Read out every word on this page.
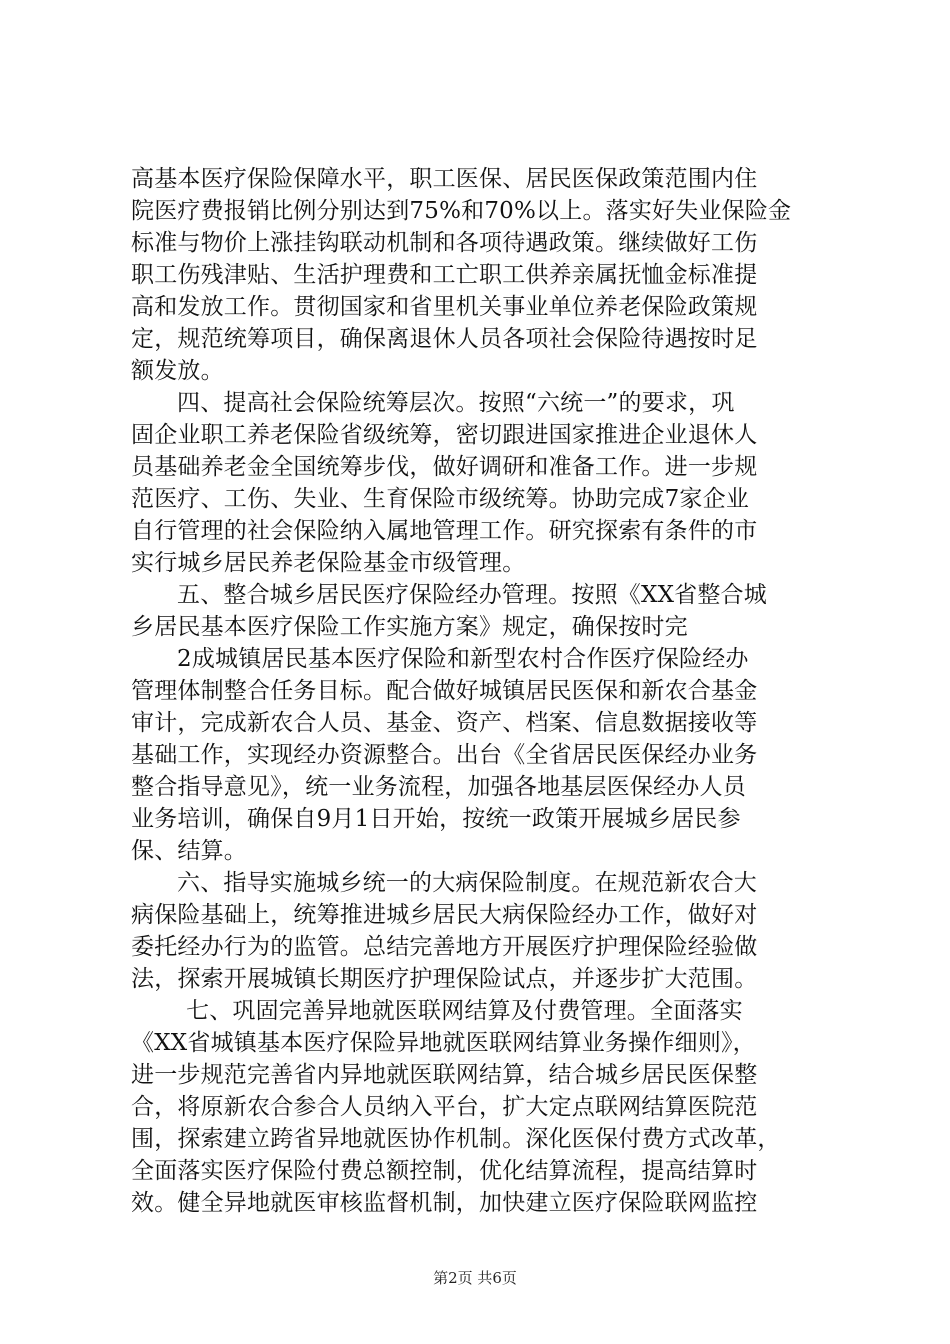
高基本医疗保险保障水平，职工医保、居民医保政策范围内住
院医疗费报销比例分别达到75%和70%以上。落实好失业保险金
标准与物价上涨挂钩联动机制和各项待遇政策。继续做好工伤
职工伤残津贴、生活护理费和工亡职工供养亲属抚恤金标准提
高和发放工作。贯彻国家和省里机关事业单位养老保险政策规
定，规范统筹项目，确保离退休人员各项社会保险待遇按时足
额发放。
四、提高社会保险统筹层次。按照“六统一”的要求，巩
固企业职工养老保险省级统筹，密切跟进国家推进企业退休人
员基础养老金全国统筹步伐，做好调研和准备工作。进一步规
范医疗、工伤、失业、生育保险市级统筹。协助完成7家企业
自行管理的社会保险纳入属地管理工作。研究探索有条件的市
实行城乡居民养老保险基金市级管理。
五、整合城乡居民医疗保险经办管理。按照《XX省整合城
乡居民基本医疗保险工作实施方案》规定，确保按时完
2成城镇居民基本医疗保险和新型农村合作医疗保险经办
管理体制整合任务目标。配合做好城镇居民医保和新农合基金
审计，完成新农合人员、基金、资产、档案、信息数据接收等
基础工作，实现经办资源整合。出台《全省居民医保经办业务
整合指导意见》，统一业务流程，加强各地基层医保经办人员
业务培训，确保自9月1日开始，按统一政策开展城乡居民参
保、结算。
六、指导实施城乡统一的大病保险制度。在规范新农合大
病保险基础上，统筹推进城乡居民大病保险经办工作，做好对
委托经办行为的监管。总结完善地方开展医疗护理保险经验做
法，探索开展城镇长期医疗护理保险试点，并逐步扩大范围。
七、巩固完善异地就医联网结算及付费管理。全面落实
《XX省城镇基本医疗保险异地就医联网结算业务操作细则》，
进一步规范完善省内异地就医联网结算，结合城乡居民医保整
合，将原新农合参合人员纳入平台，扩大定点联网结算医院范
围，探索建立跨省异地就医协作机制。深化医保付费方式改革，
全面落实医疗保险付费总额控制，优化结算流程，提高结算时
效。健全异地就医审核监督机制，加快建立医疗保险联网监控
第2页 共6页
